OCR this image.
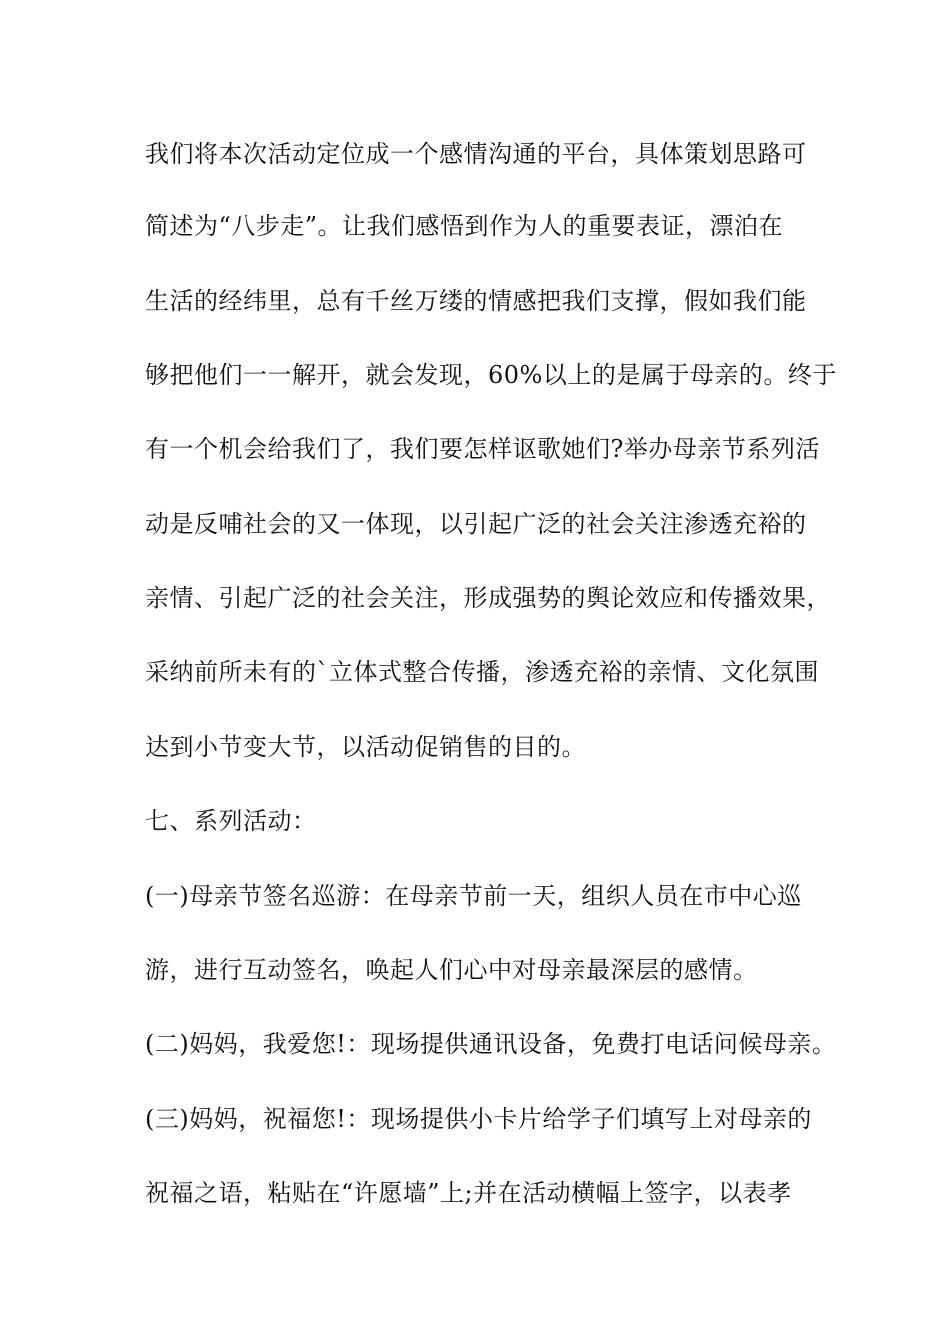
我们将本次活动定位成一个感情沟通的平台，具体策划思路可

简述为“八步走”。让我们感悟到作为人的重要表证，漂泊在

生活的经纬里，总有千丝万缕的情感把我们支撑，假如我们能

够把他们一一解开，就会发现，60%以上的是属于母亲的。终于

有一个机会给我们了，我们要怎样讴歌她们?举办母亲节系列活

动是反哺社会的又一体现，以引起广泛的社会关注渗透充裕的

亲情、引起广泛的社会关注，形成强势的舆论效应和传播效果，

采纳前所未有的`立体式整合传播，渗透充裕的亲情、文化氛围

达到小节变大节，以活动促销售的目的。

七、系列活动：

(一)母亲节签名巡游：在母亲节前一天，组织人员在市中心巡

游，进行互动签名，唤起人们心中对母亲最深层的感情。

(二)妈妈，我爱您!：现场提供通讯设备，免费打电话问候母亲。

(三)妈妈，祝福您!：现场提供小卡片给学子们填写上对母亲的

祝福之语，粘贴在“许愿墙”上;并在活动横幅上签字，以表孝
